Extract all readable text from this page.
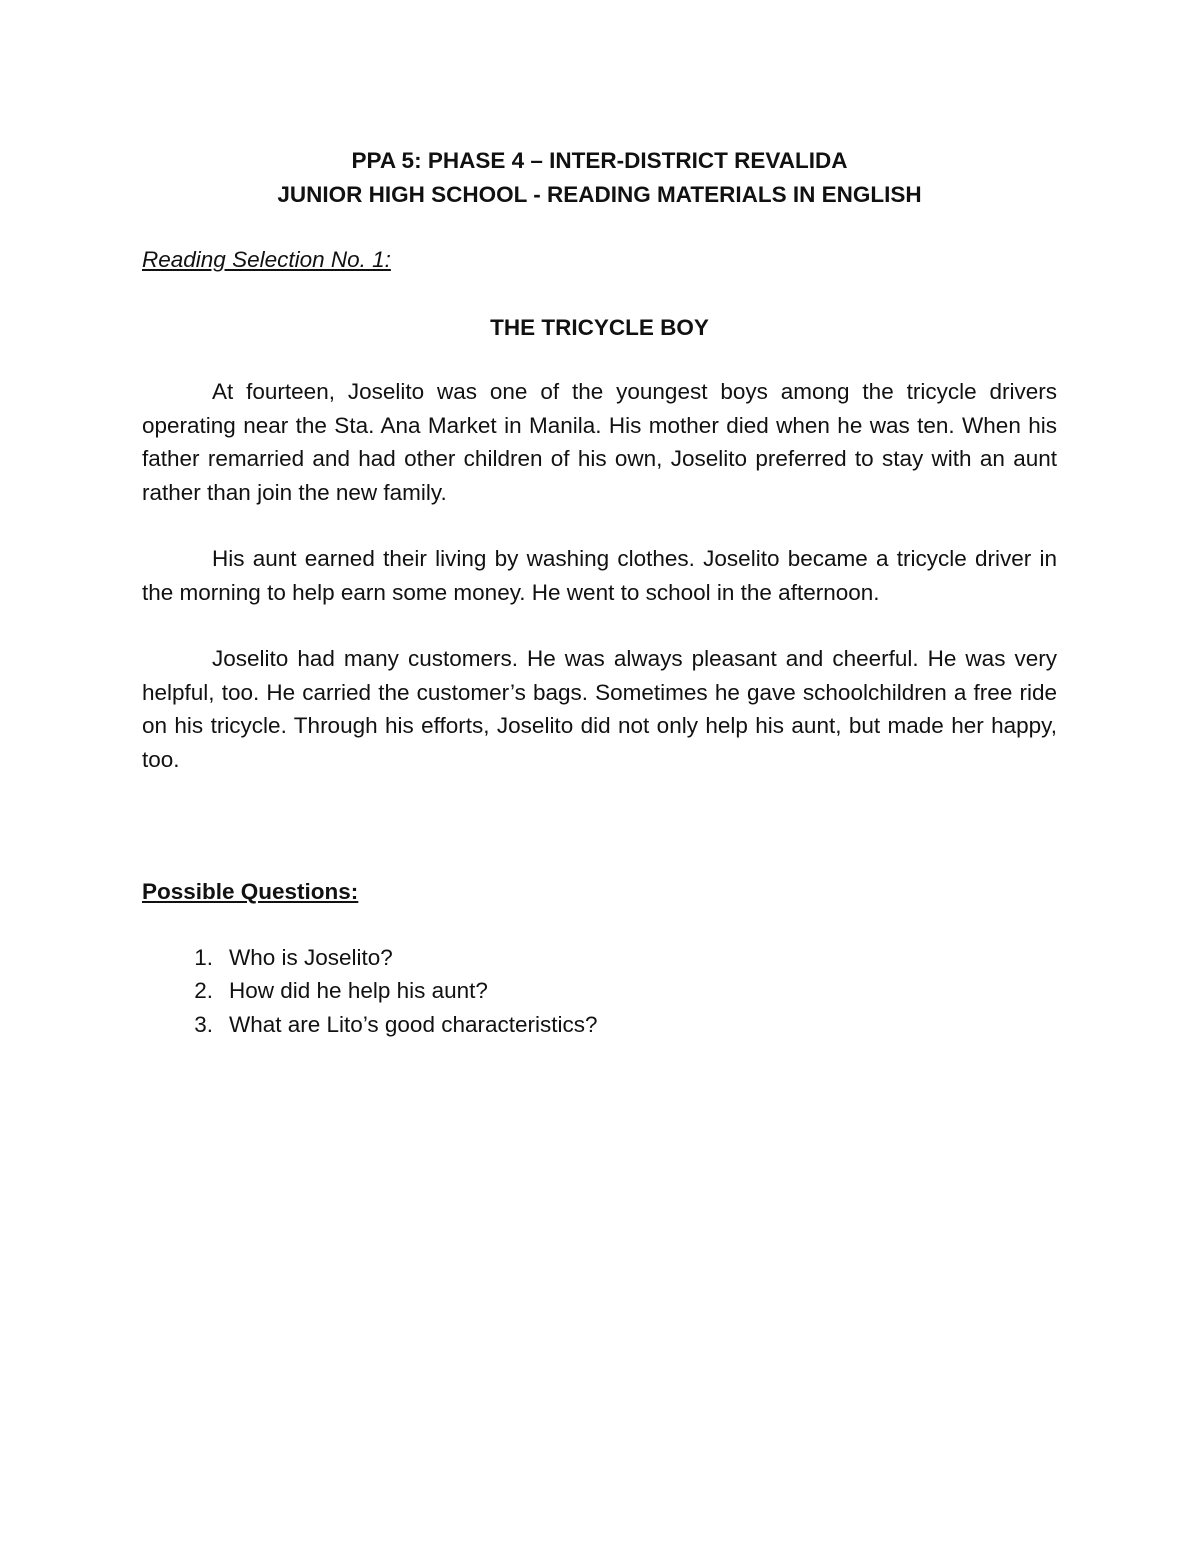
PPA 5: PHASE 4 – INTER-DISTRICT REVALIDA
JUNIOR HIGH SCHOOL - READING MATERIALS IN ENGLISH
Reading Selection No. 1:
THE TRICYCLE BOY

At fourteen, Joselito was one of the youngest boys among the tricycle drivers operating near the Sta. Ana Market in Manila. His mother died when he was ten. When his father remarried and had other children of his own, Joselito preferred to stay with an aunt rather than join the new family.

His aunt earned their living by washing clothes. Joselito became a tricycle driver in the morning to help earn some money. He went to school in the afternoon.

Joselito had many customers. He was always pleasant and cheerful. He was very helpful, too. He carried the customer’s bags. Sometimes he gave schoolchildren a free ride on his tricycle. Through his efforts, Joselito did not only help his aunt, but made her happy, too.

Possible Questions:
1. Who is Joselito?
2. How did he help his aunt?
3. What are Lito’s good characteristics?
